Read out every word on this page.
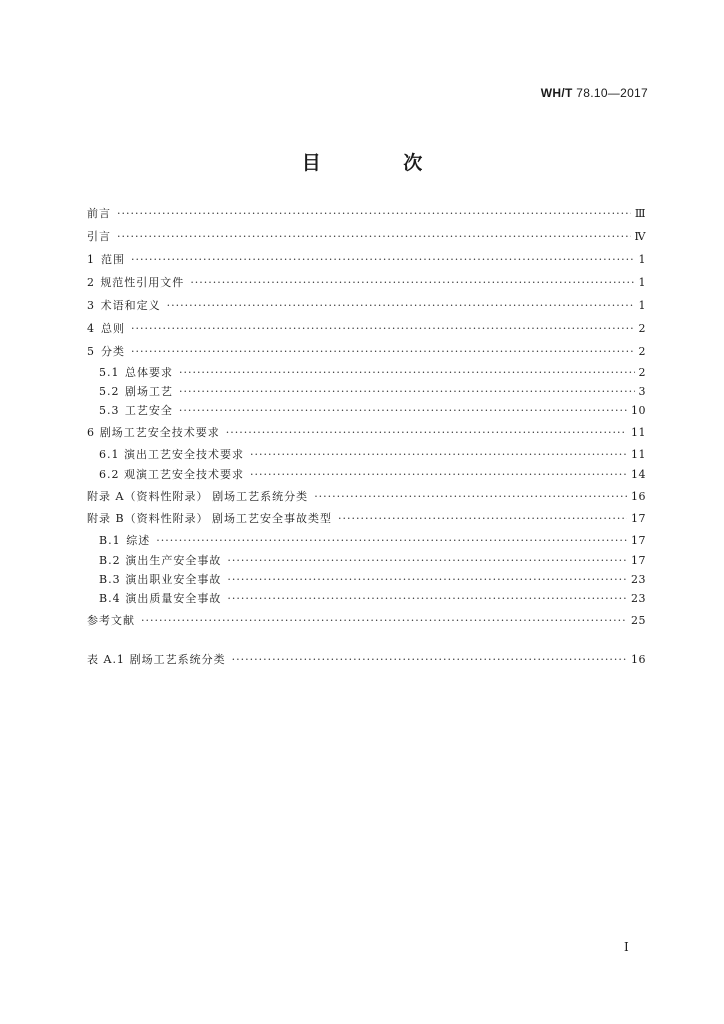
WH/T 78.10—2017
目 次
前言 ·····	Ⅲ
引言 ·····	Ⅳ
1 范围 ·····	1
2 规范性引用文件 ·····	1
3 术语和定义 ·····	1
4 总则 ·····	2
5 分类 ·····	2
5.1 总体要求 ·····	2
5.2 剧场工艺 ·····	3
5.3 工艺安全 ·····	10
6 剧场工艺安全技术要求 ·····	11
6.1 演出工艺安全技术要求 ·····	11
6.2 观演工艺安全技术要求 ·····	14
附录 A（资料性附录） 剧场工艺系统分类 ·····	16
附录 B（资料性附录） 剧场工艺安全事故类型 ·····	17
B.1 综述 ·····	17
B.2 演出生产安全事故 ·····	17
B.3 演出职业安全事故 ·····	23
B.4 演出质量安全事故 ·····	23
参考文献 ·····	25
表 A.1 剧场工艺系统分类 ·····	16
I
